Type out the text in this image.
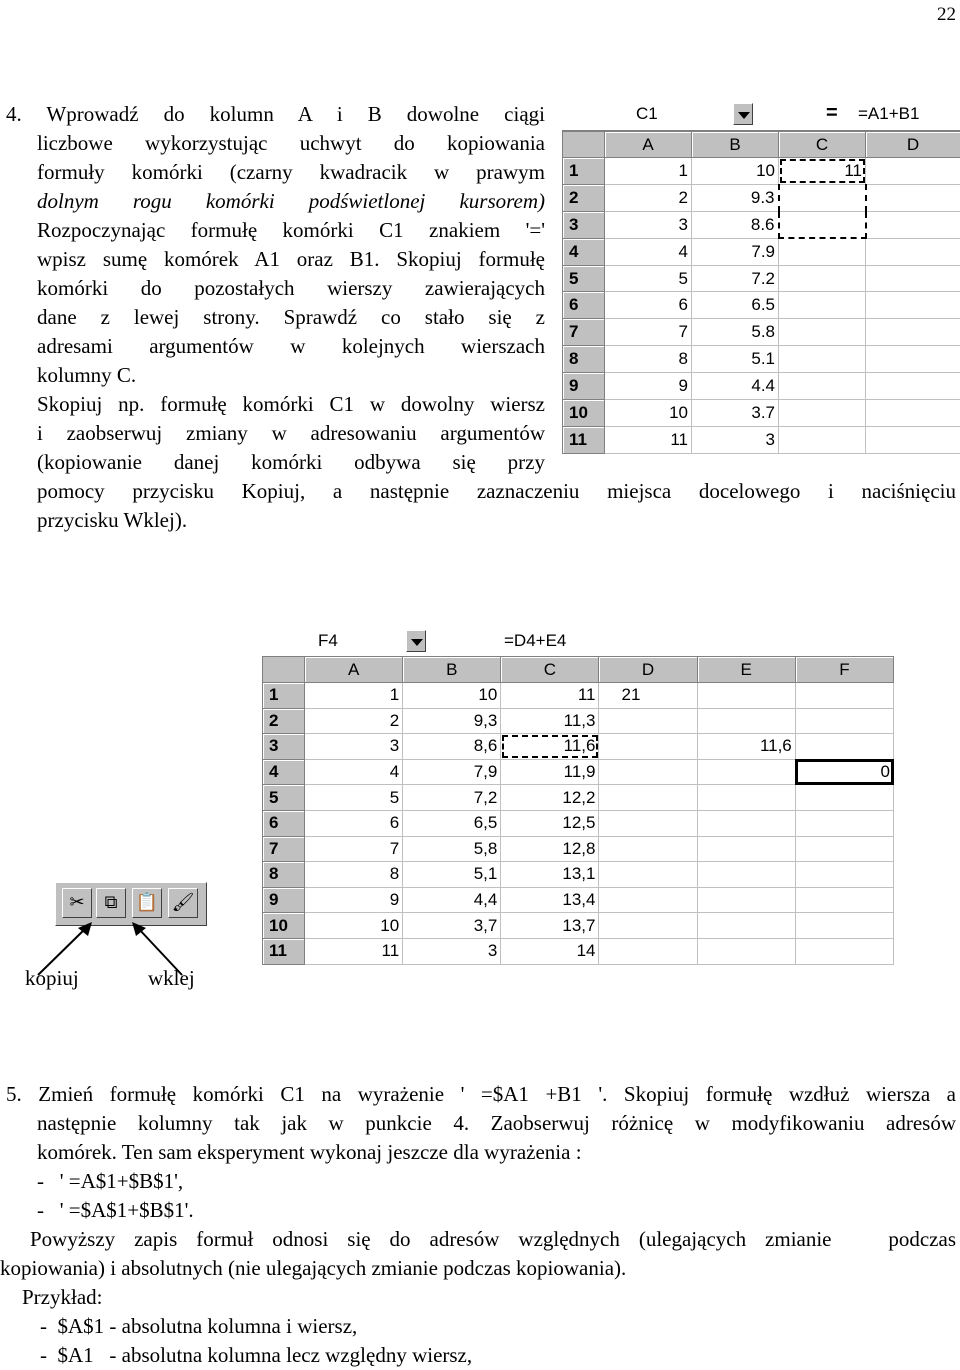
22
4. Wprowadź do kolumn A i B dowolne ciągi
liczbowe wykorzystując uchwyt do kopiowania
formuły komórki (czarny kwadracik w prawym
dolnym rogu komórki podświetlonej kursorem)
Rozpoczynając formułę komórki C1 znakiem '='
wpisz sumę komórek A1 oraz B1. Skopiuj formułę
komórki do pozostałych wierszy zawierających
dane z lewej strony. Sprawdź co stało się z
adresami argumentów w kolejnych wierszach
kolumny C.
Skopiuj np. formułę komórki C1 w dowolny wiersz
i zaobserwuj zmiany w adresowaniu argumentów
(kopiowanie danej komórki odbywa się przy
pomocy przycisku Kopiuj, a następnie zaznaczeniu miejsca docelowego i naciśnięciu
przycisku Wklej).
C1	= =A1+B1
	A	B	C	D
1	1	10	11	
2	2	9.3		
3	3	8.6		
4	4	7.9		
5	5	7.2		
6	6	6.5		
7	7	5.8		
8	8	5.1		
9	9	4.4		
10	10	3.7		
11	11	3		
F4	=D4+E4
	A	B	C	D	E	F
1	1	10	11	21		
2	2	9,3	11,3			
3	3	8,6	11,6		11,6	
4	4	7,9	11,9			0
5	5	7,2	12,2			
6	6	6,5	12,5			
7	7	5,8	12,8			
8	8	5,1	13,1			
9	9	4,4	13,4			
10	10	3,7	13,7			
11	11	3	14			
✂	⧉	📋 🖌
kopiuj	wklej
5. Zmień formułę komórki C1 na wyrażenie ' =$A1 +B1 '. Skopiuj formułę wzdłuż wiersza a
następnie kolumny tak jak w punkcie 4. Zaobserwuj różnicę w modyfikowaniu adresów
komórek. Ten sam eksperyment wykonaj jeszcze dla wyrażenia :
-   ' =A$1+$B$1',
-   ' =$A$1+$B$1'.
Powyższy zapis formuł odnosi się do adresów względnych (ulegających zmianie   podczas
kopiowania) i absolutnych (nie ulegających zmianie podczas kopiowania).
Przykład:
-  $A$1 - absolutna kolumna i wiersz,
-  $A1   - absolutna kolumna lecz względny wiersz,
